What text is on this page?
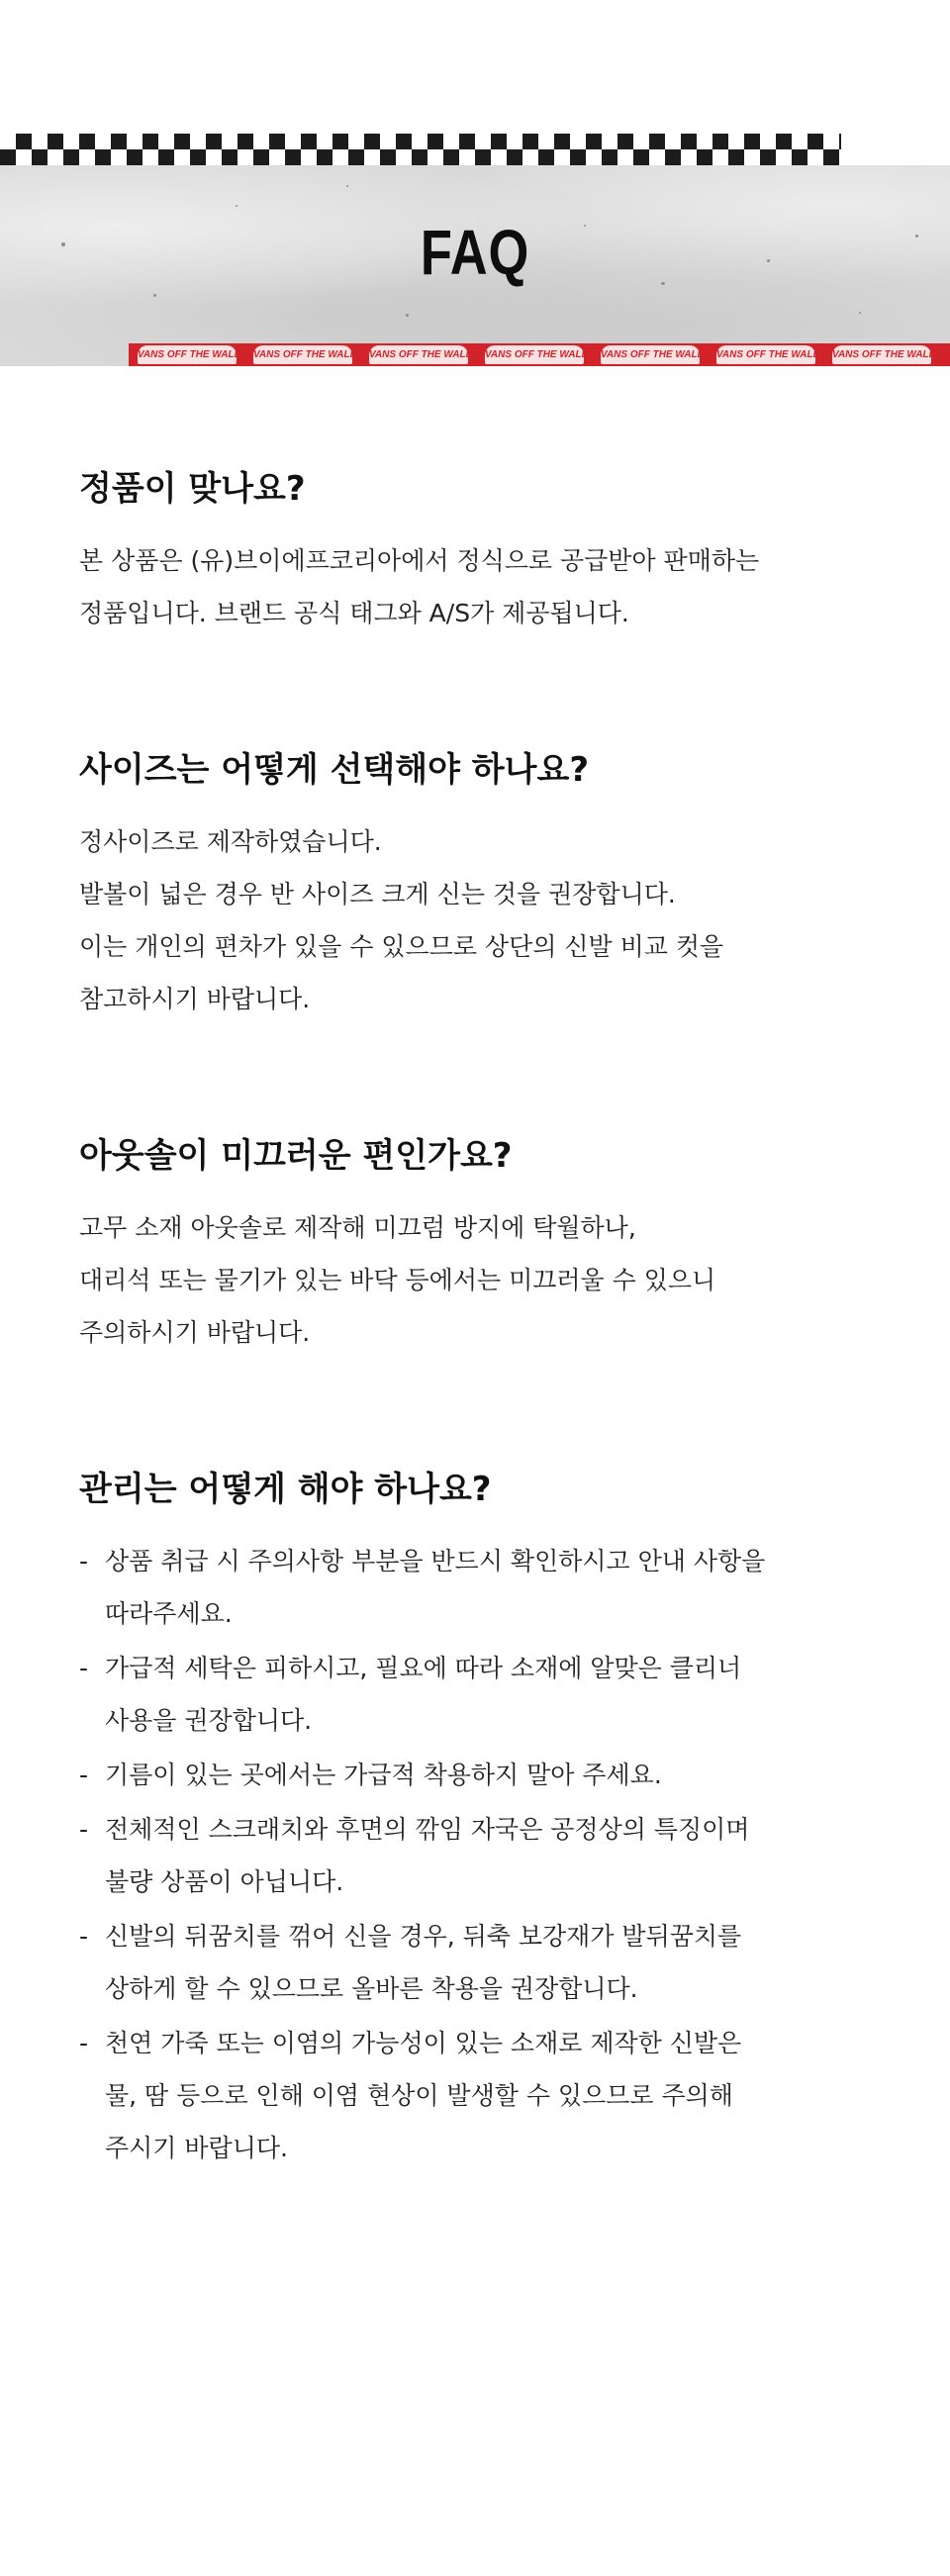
FAQ
VANS OFF THE WALL VANS OFF THE WALL VANS OFF THE WALL VANS OFF THE WALL VANS OFF THE WALL VANS OFF THE WALL VANS OFF THE WALL
정품이 맞나요?

본 상품은 (유)브이에프코리아에서 정식으로 공급받아 판매하는

정품입니다. 브랜드 공식 태그와 A/S가 제공됩니다.

사이즈는 어떻게 선택해야 하나요?

정사이즈로 제작하였습니다.

발볼이 넓은 경우 반 사이즈 크게 신는 것을 권장합니다.

이는 개인의 편차가 있을 수 있으므로 상단의 신발 비교 컷을

참고하시기 바랍니다.

아웃솔이 미끄러운 편인가요?

고무 소재 아웃솔로 제작해 미끄럼 방지에 탁월하나,

대리석 또는 물기가 있는 바닥 등에서는 미끄러울 수 있으니

주의하시기 바랍니다.

관리는 어떻게 해야 하나요?
- 상품 취급 시 주의사항 부분을 반드시 확인하시고 안내 사항을
따라주세요.
- 가급적 세탁은 피하시고, 필요에 따라 소재에 알맞은 클리너
사용을 권장합니다.
- 기름이 있는 곳에서는 가급적 착용하지 말아 주세요.
- 전체적인 스크래치와 후면의 깎임 자국은 공정상의 특징이며
불량 상품이 아닙니다.
- 신발의 뒤꿈치를 꺾어 신을 경우, 뒤축 보강재가 발뒤꿈치를
상하게 할 수 있으므로 올바른 착용을 권장합니다.
- 천연 가죽 또는 이염의 가능성이 있는 소재로 제작한 신발은
물, 땀 등으로 인해 이염 현상이 발생할 수 있으므로 주의해
주시기 바랍니다.
